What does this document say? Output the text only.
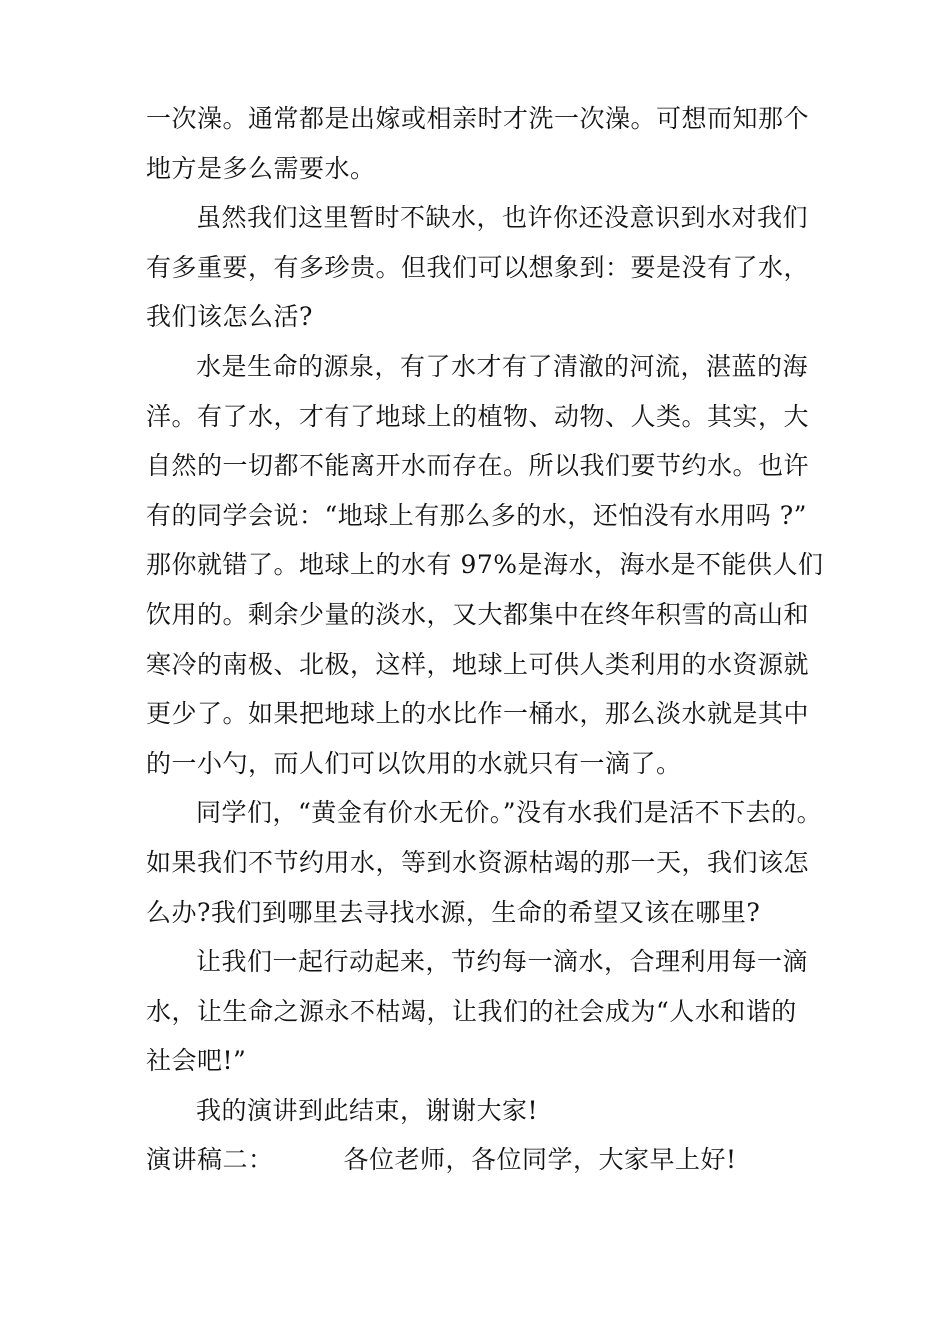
一次澡。通常都是出嫁或相亲时才洗一次澡。可想而知那个
地方是多么需要水。
虽然我们这里暂时不缺水，也许你还没意识到水对我们
有多重要，有多珍贵。但我们可以想象到：要是没有了水，
我们该怎么活?
水是生命的源泉，有了水才有了清澈的河流，湛蓝的海
洋。有了水，才有了地球上的植物、动物、人类。其实，大
自然的一切都不能离开水而存在。所以我们要节约水。也许
有的同学会说：“地球上有那么多的水，还怕没有水用吗 ?”
那你就错了。地球上的水有 97%是海水，海水是不能供人们
饮用的。剩余少量的淡水，又大都集中在终年积雪的高山和
寒冷的南极、北极，这样，地球上可供人类利用的水资源就
更少了。如果把地球上的水比作一桶水，那么淡水就是其中
的一小勺，而人们可以饮用的水就只有一滴了。
同学们，“黄金有价水无价。”没有水我们是活不下去的。
如果我们不节约用水，等到水资源枯竭的那一天，我们该怎
么办?我们到哪里去寻找水源，生命的希望又该在哪里?
让我们一起行动起来，节约每一滴水，合理利用每一滴
水，让生命之源永不枯竭，让我们的社会成为“人水和谐的
社会吧!”
我的演讲到此结束，谢谢大家!
演讲稿二：	各位老师，各位同学，大家早上好!
